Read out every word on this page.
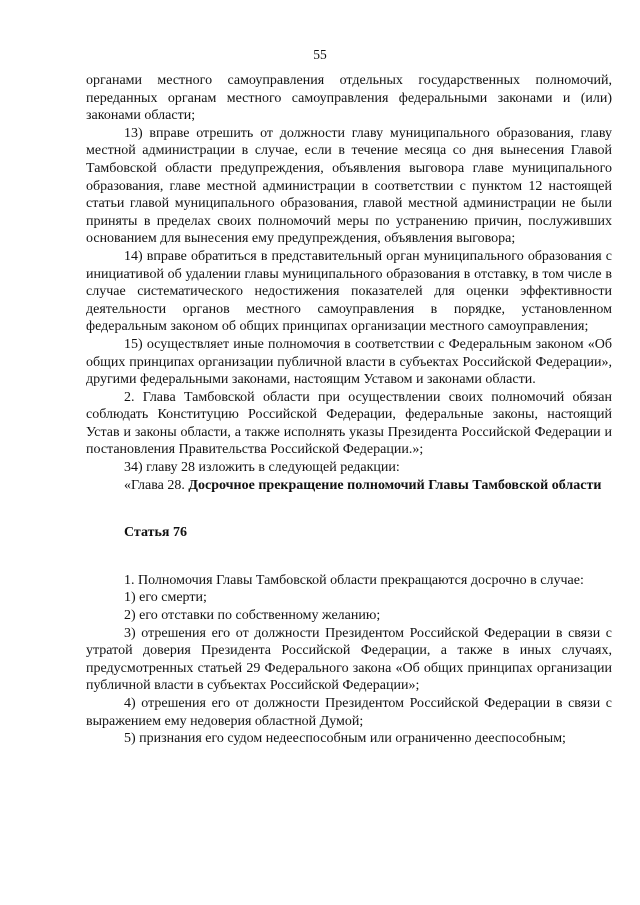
55

органами местного самоуправления отдельных государственных полномочий, переданных органам местного самоуправления федеральными законами и (или) законами области;

13) вправе отрешить от должности главу муниципального образования, главу местной администрации в случае, если в течение месяца со дня вынесения Главой Тамбовской области предупреждения, объявления выговора главе муниципального образования, главе местной администрации в соответствии с пунктом 12 настоящей статьи главой муниципального образования, главой местной администрации не были приняты в пределах своих полномочий меры по устранению причин, послуживших основанием для вынесения ему предупреждения, объявления выговора;

14) вправе обратиться в представительный орган муниципального образования с инициативой об удалении главы муниципального образования в отставку, в том числе в случае систематического недостижения показателей для оценки эффективности деятельности органов местного самоуправления в порядке, установленном федеральным законом об общих принципах организации местного самоуправления;

15) осуществляет иные полномочия в соответствии с Федеральным законом «Об общих принципах организации публичной власти в субъектах Российской Федерации», другими федеральными законами, настоящим Уставом и законами области.

2. Глава Тамбовской области при осуществлении своих полномочий обязан соблюдать Конституцию Российской Федерации, федеральные законы, настоящий Устав и законы области, а также исполнять указы Президента Российской Федерации и постановления Правительства Российской Федерации.»;

34) главу 28 изложить в следующей редакции:

«Глава 28. Досрочное прекращение полномочий Главы Тамбовской области

Статья 76

1. Полномочия Главы Тамбовской области прекращаются досрочно в случае:

1) его смерти;

2) его отставки по собственному желанию;

3) отрешения его от должности Президентом Российской Федерации в связи с утратой доверия Президента Российской Федерации, а также в иных случаях, предусмотренных статьей 29 Федерального закона «Об общих принципах организации публичной власти в субъектах Российской Федерации»;

4) отрешения его от должности Президентом Российской Федерации в связи с выражением ему недоверия областной Думой;

5) признания его судом недееспособным или ограниченно дееспособным;
